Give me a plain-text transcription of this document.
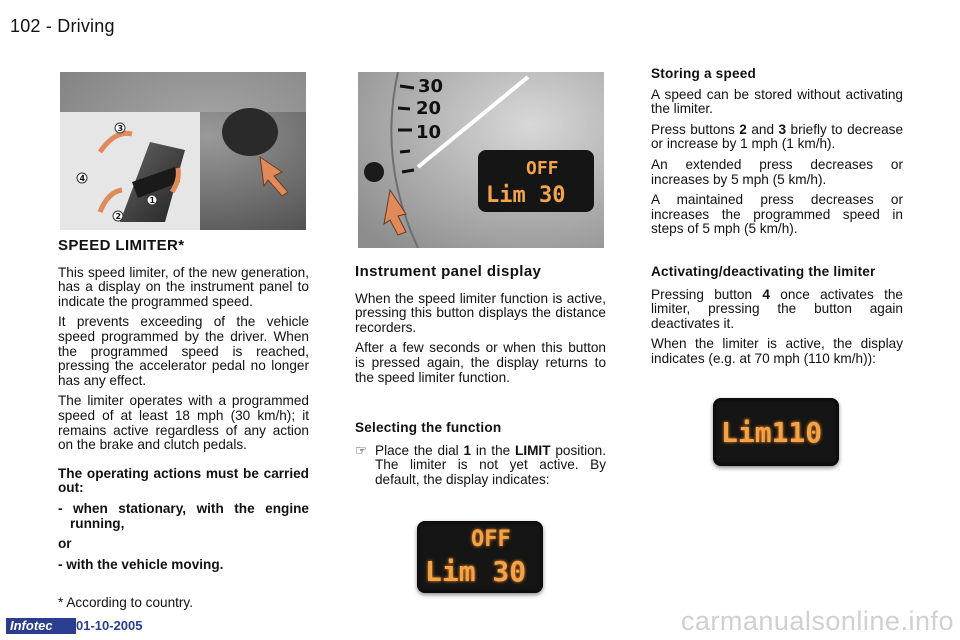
102 - Driving
3
4
1
2
30
20
10
OFF
Lim 30
SPEED LIMITER*

This speed limiter, of the new generation, has a display on the instrument panel to indicate the programmed speed.

It prevents exceeding of the vehicle speed programmed by the driver. When the programmed speed is reached, pressing the accelerator pedal no longer has any effect.

The limiter operates with a programmed speed of at least 18 mph (30 km/h); it remains active regardless of any action on the brake and clutch pedals.

The operating actions must be carried out:

- when stationary, with the engine running,

or

- with the vehicle moving.

* According to country.
Instrument panel display

When the speed limiter function is active, pressing this button displays the distance recorders.

After a few seconds or when this button is pressed again, the display returns to the speed limiter function.

Selecting the function
☞ Place the dial 1 in the LIMIT position. The limiter is not yet active. By default, the display indicates:

OFF
Lim 30
Storing a speed

A speed can be stored without activating the limiter.

Press buttons 2 and 3 briefly to decrease or increase by 1 mph (1 km/h).

An extended press decreases or increases by 5 mph (5 km/h).

A maintained press decreases or increases the programmed speed in steps of 5 mph (5 km/h).

Activating/deactivating the limiter

Pressing button 4 once activates the limiter, pressing the button again deactivates it.

When the limiter is active, the display indicates (e.g. at 70 mph (110 km/h)):

Lim110
Infotec	01-10-2005	carmanualsonline.info
